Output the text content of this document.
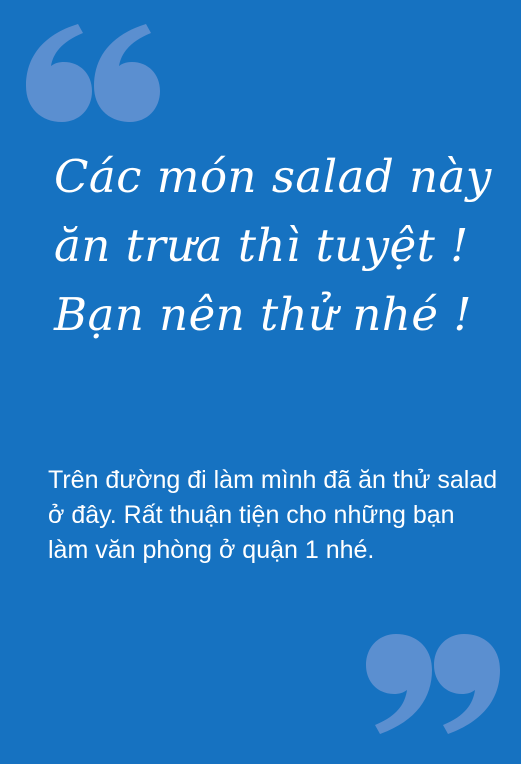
Các món salad này ăn trưa thì tuyệt ! Bạn nên thử nhé !

Trên đường đi làm mình đã ăn thử salad ở đây. Rất thuận tiện cho những bạn làm văn phòng ở quận 1 nhé.
